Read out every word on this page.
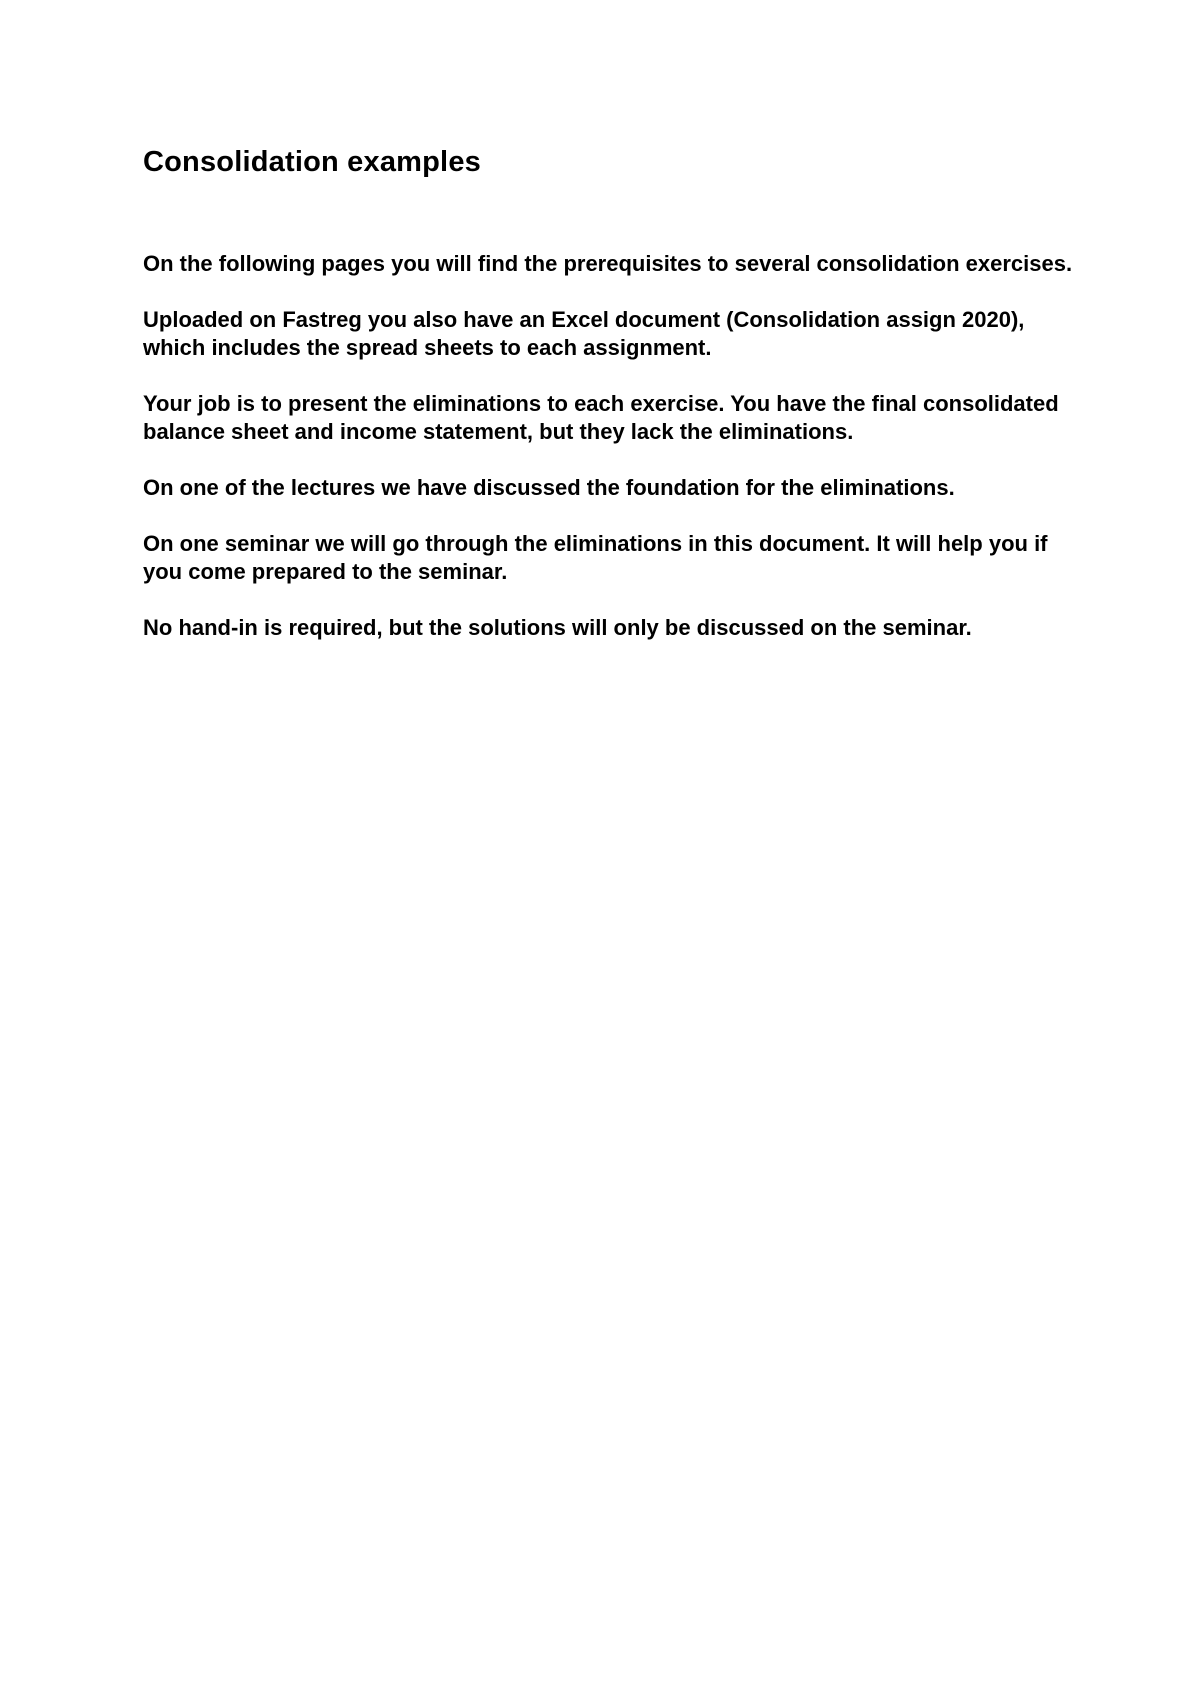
Consolidation examples

On the following pages you will find the prerequisites to several consolidation exercises.

Uploaded on Fastreg you also have an Excel document (Consolidation assign 2020), which includes the spread sheets to each assignment.

Your job is to present the eliminations to each exercise. You have the final consolidated balance sheet and income statement, but they lack the eliminations.

On one of the lectures we have discussed the foundation for the eliminations.

On one seminar we will go through the eliminations in this document. It will help you if you come prepared to the seminar.

No hand-in is required, but the solutions will only be discussed on the seminar.
